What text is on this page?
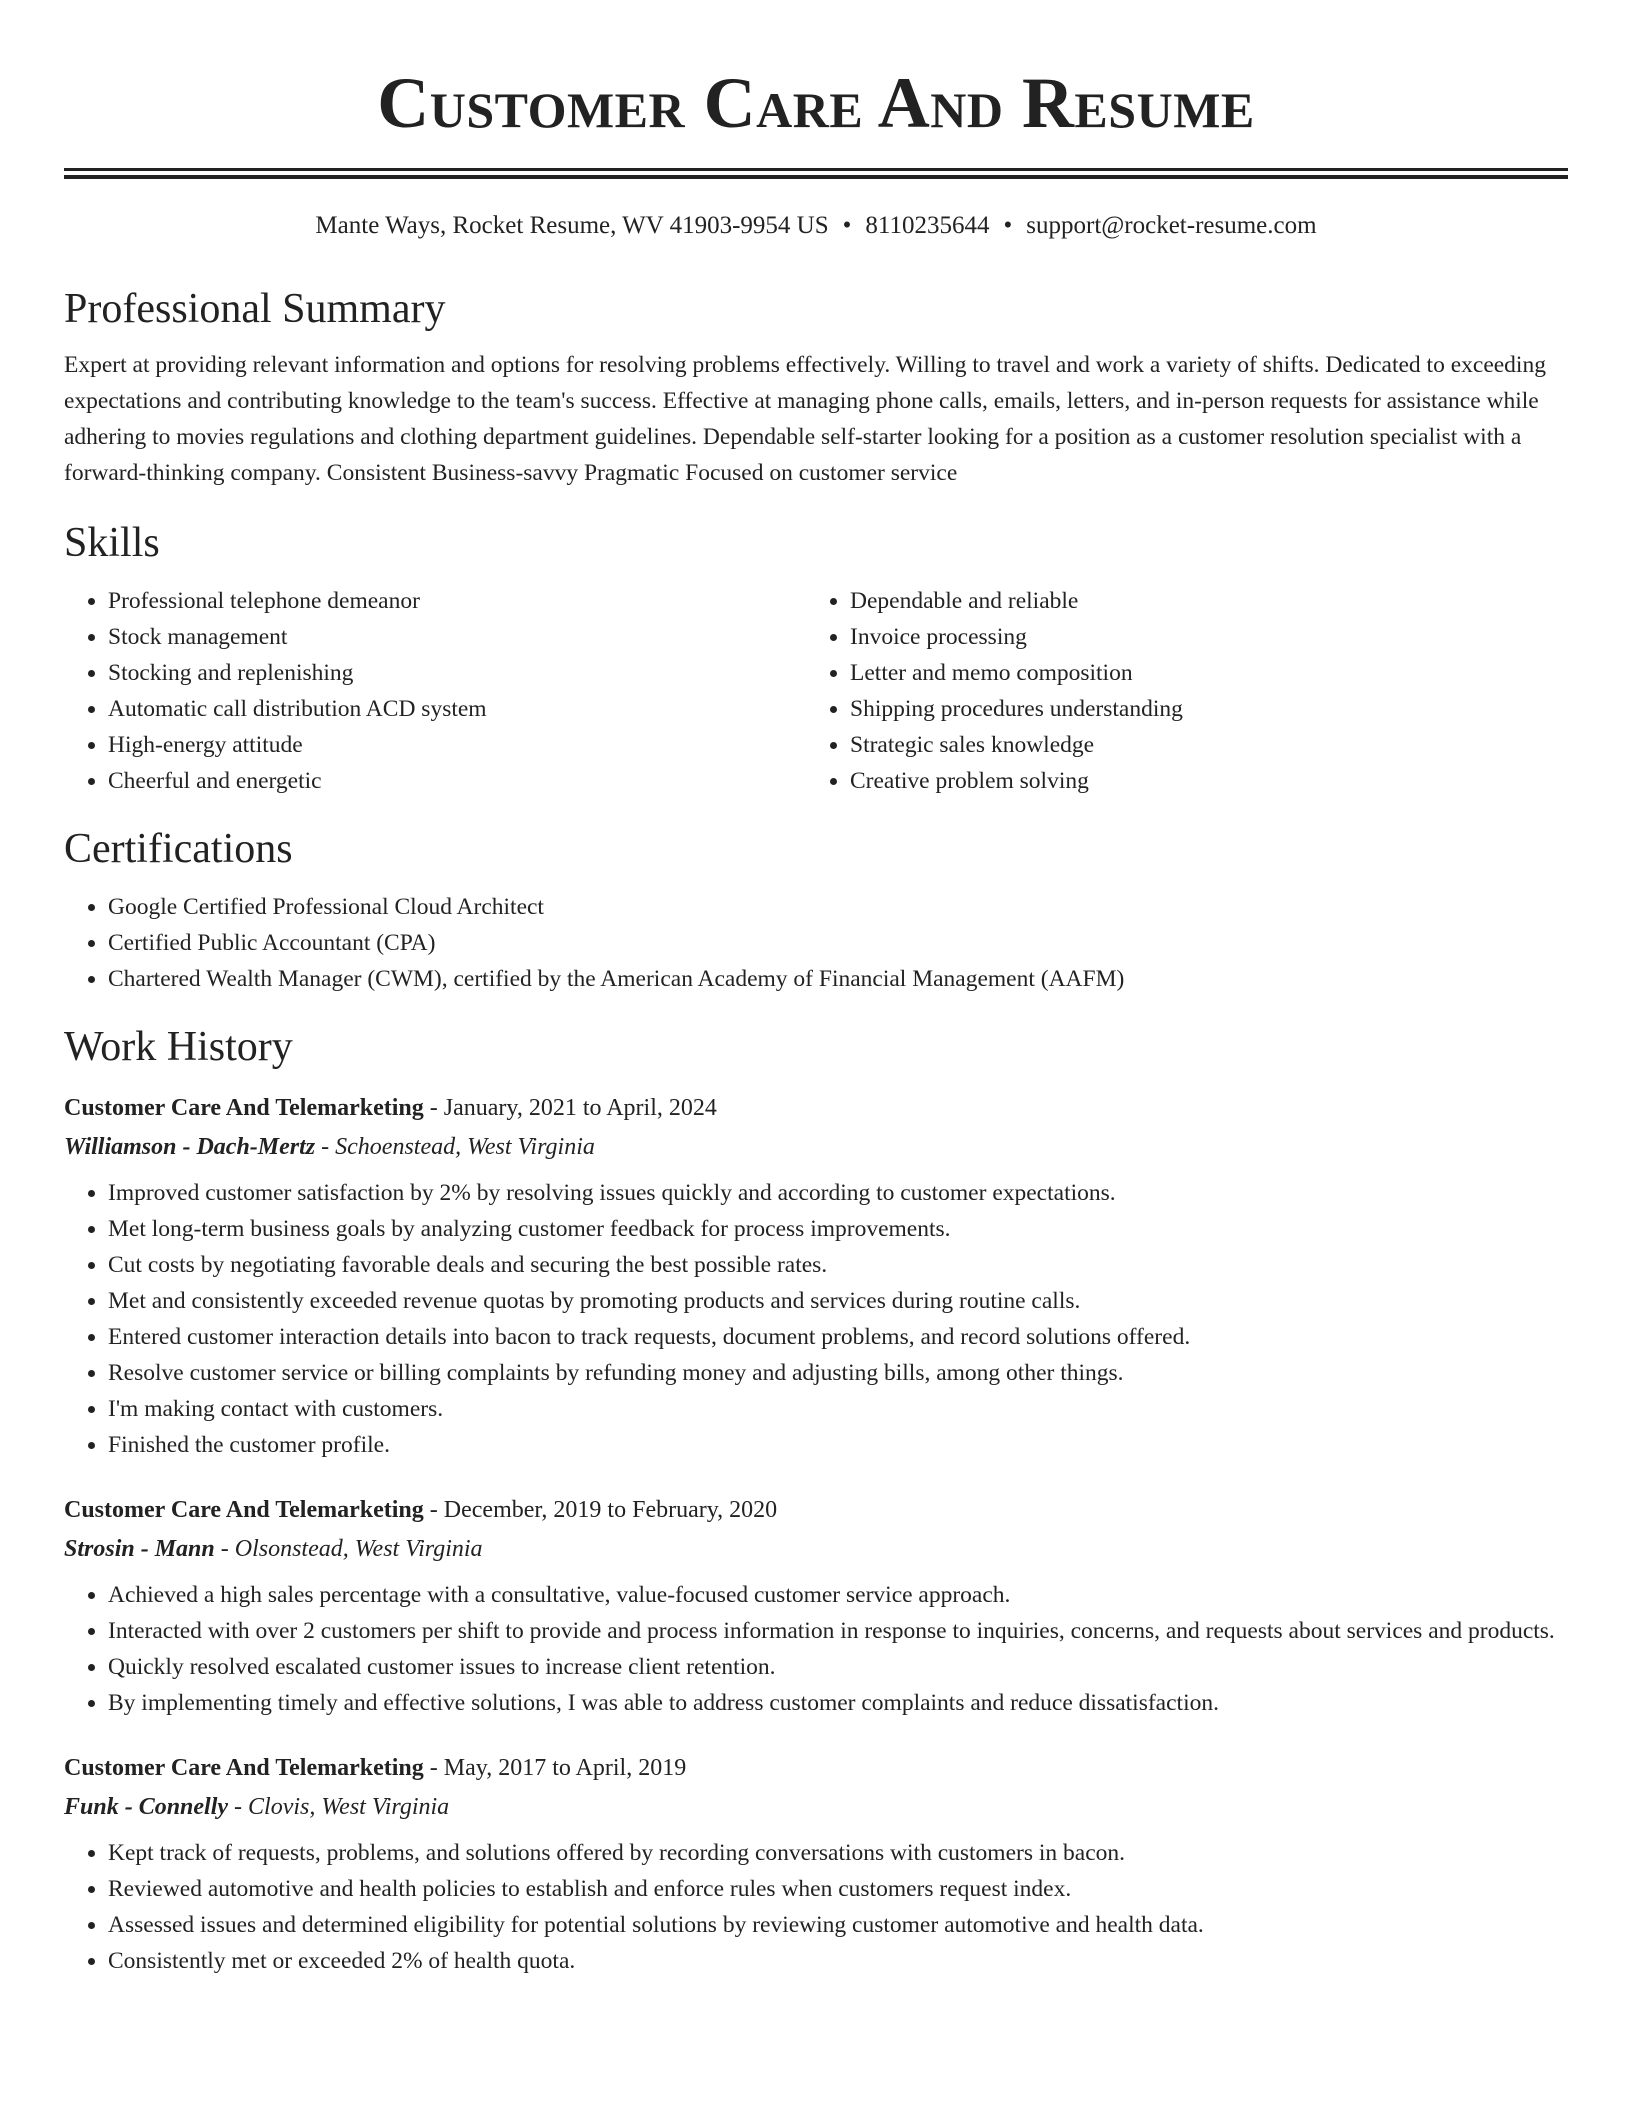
Customer Care And Resume
Mante Ways, Rocket Resume, WV 41903-9954 US • 8110235644 • support@rocket-resume.com
Professional Summary

Expert at providing relevant information and options for resolving problems effectively. Willing to travel and work a variety of shifts. Dedicated to exceeding expectations and contributing knowledge to the team's success. Effective at managing phone calls, emails, letters, and in-person requests for assistance while adhering to movies regulations and clothing department guidelines. Dependable self-starter looking for a position as a customer resolution specialist with a forward-thinking company. Consistent Business-savvy Pragmatic Focused on customer service

Skills
• Professional telephone demeanor
• Stock management
• Stocking and replenishing
• Automatic call distribution ACD system
• High-energy attitude
• Cheerful and energetic
• Dependable and reliable
• Invoice processing
• Letter and memo composition
• Shipping procedures understanding
• Strategic sales knowledge
• Creative problem solving
Certifications
• Google Certified Professional Cloud Architect
• Certified Public Accountant (CPA)
• Chartered Wealth Manager (CWM), certified by the American Academy of Financial Management (AAFM)
Work History
Customer Care And Telemarketing - January, 2021 to April, 2024
Williamson - Dach-Mertz - Schoenstead, West Virginia
• Improved customer satisfaction by 2% by resolving issues quickly and according to customer expectations.
• Met long-term business goals by analyzing customer feedback for process improvements.
• Cut costs by negotiating favorable deals and securing the best possible rates.
• Met and consistently exceeded revenue quotas by promoting products and services during routine calls.
• Entered customer interaction details into bacon to track requests, document problems, and record solutions offered.
• Resolve customer service or billing complaints by refunding money and adjusting bills, among other things.
• I'm making contact with customers.
• Finished the customer profile.
Customer Care And Telemarketing - December, 2019 to February, 2020
Strosin - Mann - Olsonstead, West Virginia
• Achieved a high sales percentage with a consultative, value-focused customer service approach.
• Interacted with over 2 customers per shift to provide and process information in response to inquiries, concerns, and requests about services and products.
• Quickly resolved escalated customer issues to increase client retention.
• By implementing timely and effective solutions, I was able to address customer complaints and reduce dissatisfaction.
Customer Care And Telemarketing - May, 2017 to April, 2019
Funk - Connelly - Clovis, West Virginia
• Kept track of requests, problems, and solutions offered by recording conversations with customers in bacon.
• Reviewed automotive and health policies to establish and enforce rules when customers request index.
• Assessed issues and determined eligibility for potential solutions by reviewing customer automotive and health data.
• Consistently met or exceeded 2% of health quota.
